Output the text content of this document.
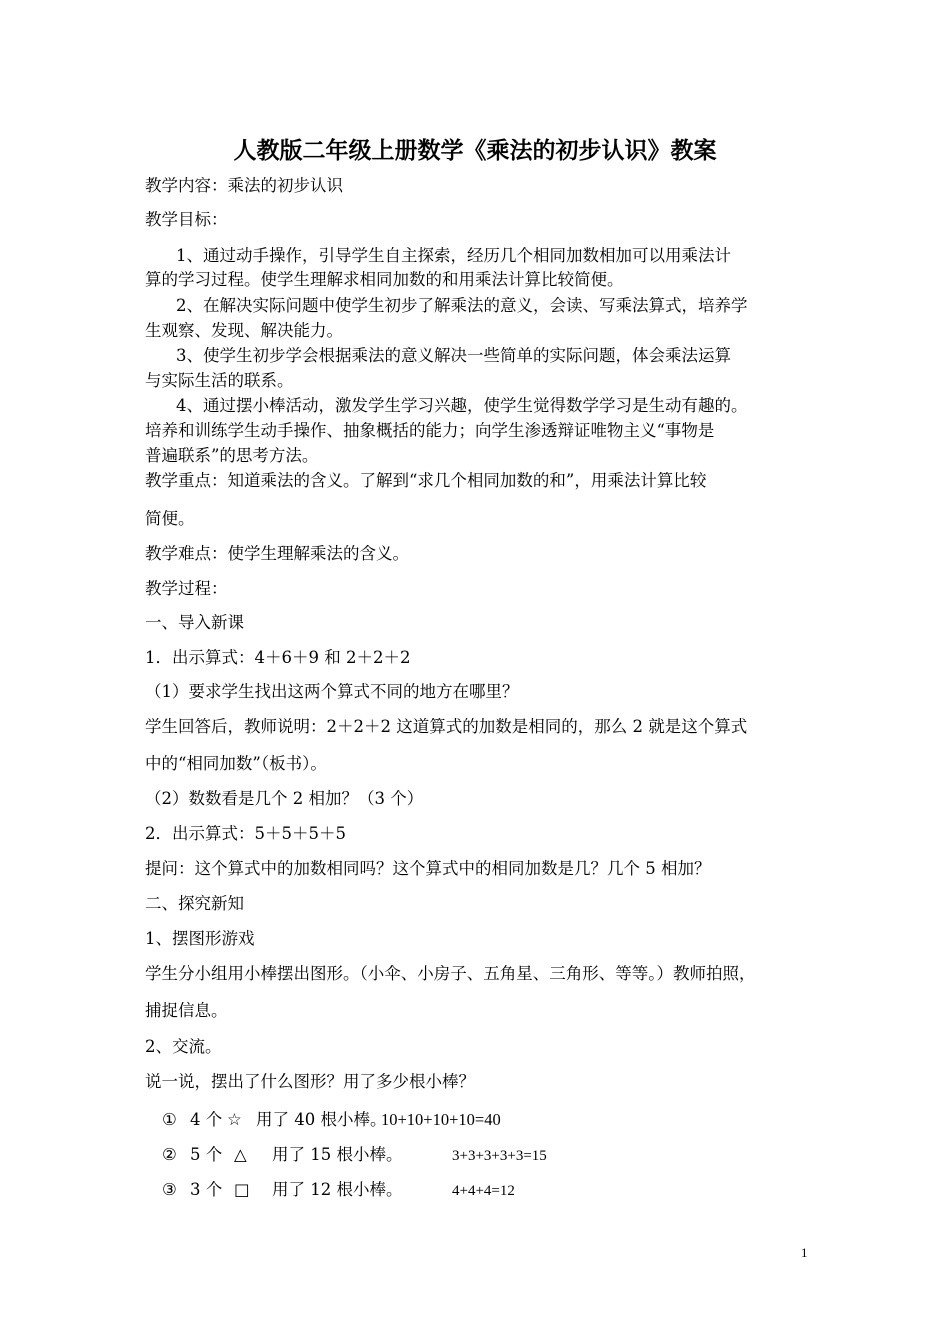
人教版二年级上册数学《乘法的初步认识》教案
教学内容：乘法的初步认识
教学目标：
1、通过动手操作，引导学生自主探索，经历几个相同加数相加可以用乘法计
算的学习过程。使学生理解求相同加数的和用乘法计算比较简便。
2、在解决实际问题中使学生初步了解乘法的意义，会读、写乘法算式，培养学
生观察、发现、解决能力。
3、使学生初步学会根据乘法的意义解决一些简单的实际问题，体会乘法运算
与实际生活的联系。
4、通过摆小棒活动，激发学生学习兴趣，使学生觉得数学学习是生动有趣的。
培养和训练学生动手操作、抽象概括的能力；向学生渗透辩证唯物主义“事物是
普遍联系”的思考方法。
教学重点：知道乘法的含义。了解到“求几个相同加数的和”，用乘法计算比较
简便。
教学难点：使学生理解乘法的含义。
教学过程：
一、导入新课
1．出示算式：4＋6＋9 和 2＋2＋2
（1）要求学生找出这两个算式不同的地方在哪里？
学生回答后，教师说明：2＋2＋2 这道算式的加数是相同的，那么 2 就是这个算式
中的“相同加数”（板书）。
（2）数数看是几个 2 相加？（3 个）
2．出示算式：5＋5＋5＋5
提问：这个算式中的加数相同吗？这个算式中的相同加数是几？几个 5 相加？
二、探究新知
1、摆图形游戏
学生分小组用小棒摆出图形。（小伞、小房子、五角星、三角形、等等。）教师拍照，
捕捉信息。
2、交流。
说一说，摆出了什么图形？用了多少根小棒？
① 4 个 ☆ 用了 40 根小棒。10+10+10+10=40
② 5 个 △ 用了 15 根小棒。	3+3+3+3+3=15
③ 3 个 □ 用了 12 根小棒。	4+4+4=12
1
